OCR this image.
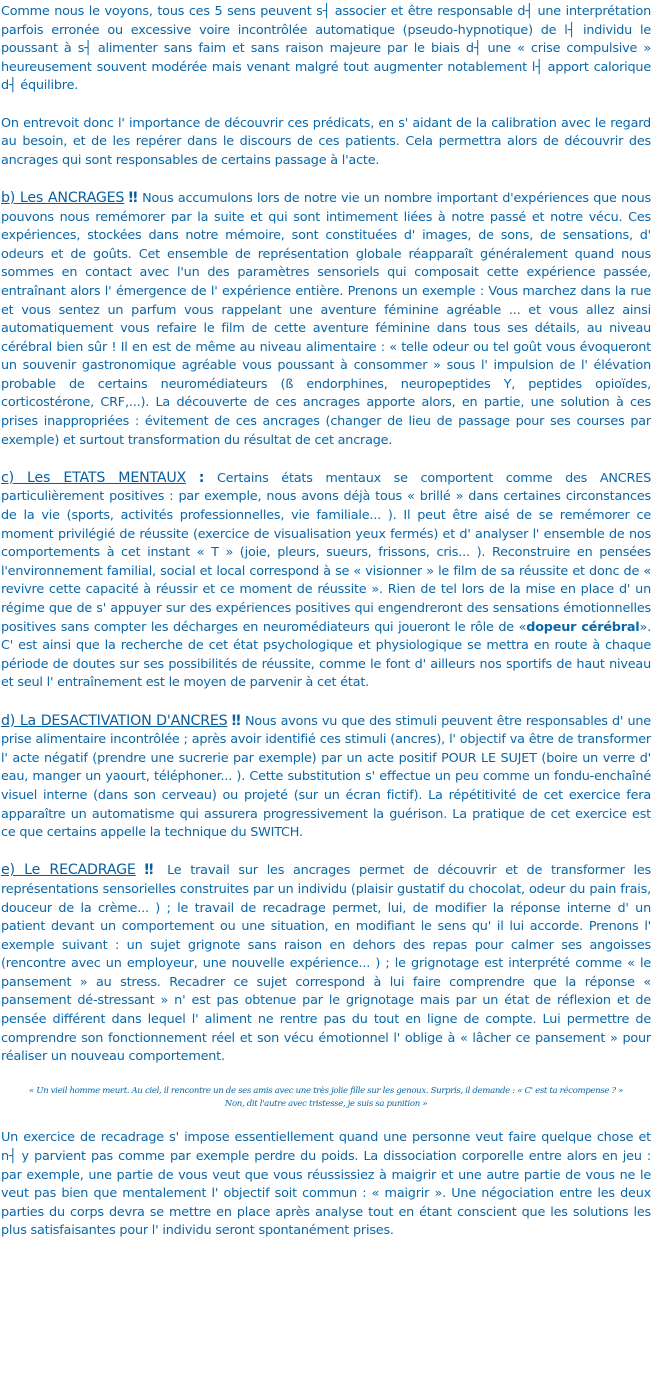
Comme nous le voyons, tous ces 5 sens peuvent s┤ associer et être responsable d┤ une interprétation parfois erronée ou excessive voire incontrôlée automatique (pseudo-hypnotique) de l┤ individu le poussant à s┤ alimenter sans faim et sans raison majeure par le biais d┤ une « crise compulsive » heureusement souvent modérée mais venant malgré tout augmenter notablement l┤ apport calorique d┤ équilibre.

On entrevoit donc l' importance de découvrir ces prédicats, en s' aidant de la calibration avec le regard au besoin, et de les repérer dans le discours de ces patients. Cela permettra alors de découvrir des ancrages qui sont responsables de certains passage à l'acte.

b) Les ANCRAGES ‼ Nous accumulons lors de notre vie un nombre important d'expériences que nous pouvons nous remémorer par la suite et qui sont intimement liées à notre passé et notre vécu. Ces expériences, stockées dans notre mémoire, sont constituées d' images, de sons, de sensations, d' odeurs et de goûts. Cet ensemble de représentation globale réapparaît généralement quand nous sommes en contact avec l'un des paramètres sensoriels qui composait cette expérience passée, entraînant alors l' émergence de l' expérience entière. Prenons un exemple : Vous marchez dans la rue et vous sentez un parfum vous rappelant une aventure féminine agréable ... et vous allez ainsi automatiquement vous refaire le film de cette aventure féminine dans tous ses détails, au niveau cérébral bien sûr ! Il en est de même au niveau alimentaire : « telle odeur ou tel goût vous évoqueront un souvenir gastronomique agréable vous poussant à consommer » sous l' impulsion de l' élévation probable de certains neuromédiateurs (ß endorphines, neuropeptides Y, peptides opioïdes, corticostérone, CRF,...). La découverte de ces ancrages apporte alors, en partie, une solution à ces prises inappropriées : évitement de ces ancrages (changer de lieu de passage pour ses courses par exemple) et surtout transformation du résultat de cet ancrage.

c) Les ETATS MENTAUX : Certains états mentaux se comportent comme des ANCRES particulièrement positives : par exemple, nous avons déjà tous « brillé » dans certaines circonstances de la vie (sports, activités professionnelles, vie familiale... ). Il peut être aisé de se remémorer ce moment privilégié de réussite (exercice de visualisation yeux fermés) et d' analyser l' ensemble de nos comportements à cet instant « T » (joie, pleurs, sueurs, frissons, cris... ). Reconstruire en pensées l'environnement familial, social et local correspond à se « visionner » le film de sa réussite et donc de « revivre cette capacité à réussir et ce moment de réussite ». Rien de tel lors de la mise en place d' un régime que de s' appuyer sur des expériences positives qui engendreront des sensations émotionnelles positives sans compter les décharges en neuromédiateurs qui joueront le rôle de «dopeur cérébral». C' est ainsi que la recherche de cet état psychologique et physiologique se mettra en route à chaque période de doutes sur ses possibilités de réussite, comme le font d' ailleurs nos sportifs de haut niveau et seul l' entraînement est le moyen de parvenir à cet état.

d) La DESACTIVATION D'ANCRES ‼ Nous avons vu que des stimuli peuvent être responsables d' une prise alimentaire incontrôlée ; après avoir identifié ces stimuli (ancres), l' objectif va être de transformer l' acte négatif (prendre une sucrerie par exemple) par un acte positif POUR LE SUJET (boire un verre d' eau, manger un yaourt, téléphoner... ). Cette substitution s' effectue un peu comme un fondu-enchaîné visuel interne (dans son cerveau) ou projeté (sur un écran fictif). La répétitivité de cet exercice fera apparaître un automatisme qui assurera progressivement la guérison. La pratique de cet exercice est ce que certains appelle la technique du SWITCH.

e) Le RECADRAGE ‼ Le travail sur les ancrages permet de découvrir et de transformer les représentations sensorielles construites par un individu (plaisir gustatif du chocolat, odeur du pain frais, douceur de la crème... ) ; le travail de recadrage permet, lui, de modifier la réponse interne d' un patient devant un comportement ou une situation, en modifiant le sens qu' il lui accorde. Prenons l' exemple suivant : un sujet grignote sans raison en dehors des repas pour calmer ses angoisses (rencontre avec un employeur, une nouvelle expérience... ) ; le grignotage est interprété comme « le pansement » au stress. Recadrer ce sujet correspond à lui faire comprendre que la réponse « pansement dé-stressant » n' est pas obtenue par le grignotage mais par un état de réflexion et de pensée différent dans lequel l' aliment ne rentre pas du tout en ligne de compte. Lui permettre de comprendre son fonctionnement réel et son vécu émotionnel l' oblige à « lâcher ce pansement » pour réaliser un nouveau comportement.

« Un vieil homme meurt. Au ciel, il rencontre un de ses amis avec une très jolie fille sur les genoux. Surpris, il demande : « C' est ta récompense ? »
Non, dit l'autre avec tristesse, je suis sa punition »

Un exercice de recadrage s' impose essentiellement quand une personne veut faire quelque chose et n┤ y parvient pas comme par exemple perdre du poids. La dissociation corporelle entre alors en jeu : par exemple, une partie de vous veut que vous réussissiez à maigrir et une autre partie de vous ne le veut pas bien que mentalement l' objectif soit commun : « maigrir ». Une négociation entre les deux parties du corps devra se mettre en place après analyse tout en étant conscient que les solutions les plus satisfaisantes pour l' individu seront spontanément prises.
